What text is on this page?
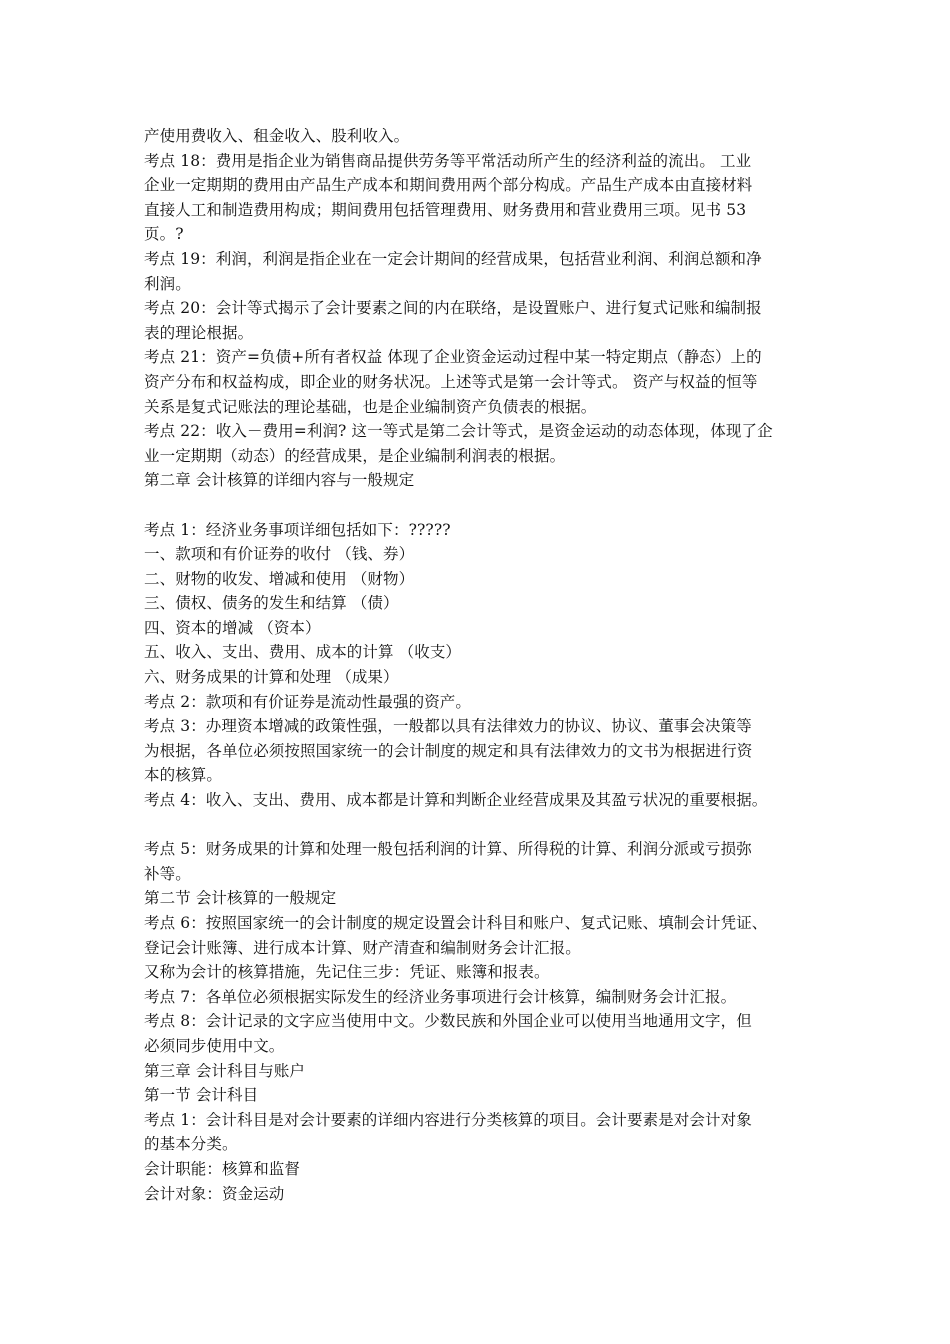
产使用费收入、租金收入、股利收入。
考点 18：费用是指企业为销售商品提供劳务等平常活动所产生的经济利益的流出。 工业
企业一定期期的费用由产品生产成本和期间费用两个部分构成。产品生产成本由直接材料
直接人工和制造费用构成；期间费用包括管理费用、财务费用和营业费用三项。见书 53
页。?
考点 19：利润，利润是指企业在一定会计期间的经营成果，包括营业利润、利润总额和净
利润。
考点 20：会计等式揭示了会计要素之间的内在联络，是设置账户、进行复式记账和编制报
表的理论根据。
考点 21：资产=负债+所有者权益 体现了企业资金运动过程中某一特定期点（静态）上的
资产分布和权益构成，即企业的财务状况。上述等式是第一会计等式。 资产与权益的恒等
关系是复式记账法的理论基础，也是企业编制资产负债表的根据。
考点 22：收入－费用=利润? 这一等式是第二会计等式，是资金运动的动态体现，体现了企
业一定期期（动态）的经营成果，是企业编制利润表的根据。
第二章 会计核算的详细内容与一般规定
考点 1：经济业务事项详细包括如下：?????
一、款项和有价证券的收付 （钱、券）
二、财物的收发、增减和使用 （财物）
三、债权、债务的发生和结算 （债）
四、资本的增减 （资本）
五、收入、支出、费用、成本的计算 （收支）
六、财务成果的计算和处理 （成果）
考点 2：款项和有价证券是流动性最强的资产。
考点 3：办理资本增减的政策性强，一般都以具有法律效力的协议、协议、董事会决策等
为根据，各单位必须按照国家统一的会计制度的规定和具有法律效力的文书为根据进行资
本的核算。
考点 4：收入、支出、费用、成本都是计算和判断企业经营成果及其盈亏状况的重要根据。
考点 5：财务成果的计算和处理一般包括利润的计算、所得税的计算、利润分派或亏损弥
补等。
第二节 会计核算的一般规定
考点 6：按照国家统一的会计制度的规定设置会计科目和账户、复式记账、填制会计凭证、
登记会计账簿、进行成本计算、财产清查和编制财务会计汇报。
又称为会计的核算措施，先记住三步：凭证、账簿和报表。
考点 7：各单位必须根据实际发生的经济业务事项进行会计核算，编制财务会计汇报。
考点 8：会计记录的文字应当使用中文。少数民族和外国企业可以使用当地通用文字，但
必须同步使用中文。
第三章 会计科目与账户
第一节 会计科目
考点 1：会计科目是对会计要素的详细内容进行分类核算的项目。会计要素是对会计对象
的基本分类。
会计职能：核算和监督
会计对象：资金运动
